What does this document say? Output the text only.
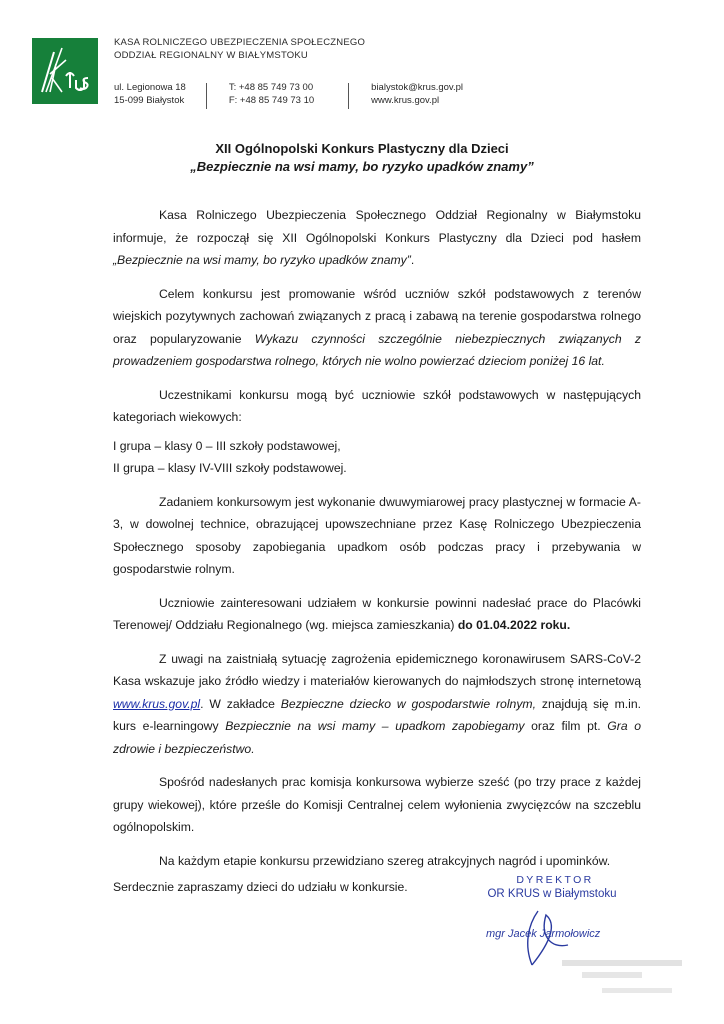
KASA ROLNICZEGO UBEZPIECZENIA SPOŁECZNEGO
ODDZIAŁ REGIONALNY W BIAŁYMSTOKU
ul. Legionowa 18
15-099 Białystok
T: +48 85 749 73 00
F: +48 85 749 73 10
bialystok@krus.gov.pl
www.krus.gov.pl
XII Ogólnopolski Konkurs Plastyczny dla Dzieci
„Bezpiecznie na wsi mamy, bo ryzyko upadków znamy”

Kasa Rolniczego Ubezpieczenia Społecznego Oddział Regionalny w Białymstoku informuje, że rozpoczął się XII Ogólnopolski Konkurs Plastyczny dla Dzieci pod hasłem „Bezpiecznie na wsi mamy, bo ryzyko upadków znamy”.

Celem konkursu jest promowanie wśród uczniów szkół podstawowych z terenów wiejskich pozytywnych zachowań związanych z pracą i zabawą na terenie gospodarstwa rolnego oraz popularyzowanie Wykazu czynności szczególnie niebezpiecznych związanych z prowadzeniem gospodarstwa rolnego, których nie wolno powierzać dzieciom poniżej 16 lat.

Uczestnikami konkursu mogą być uczniowie szkół podstawowych w następujących kategoriach wiekowych:

I grupa – klasy 0 – III szkoły podstawowej,

II grupa – klasy IV-VIII szkoły podstawowej.

Zadaniem konkursowym jest wykonanie dwuwymiarowej pracy plastycznej w formacie A-3, w dowolnej technice, obrazującej upowszechniane przez Kasę Rolniczego Ubezpieczenia Społecznego sposoby zapobiegania upadkom osób podczas pracy i przebywania w gospodarstwie rolnym.

Uczniowie zainteresowani udziałem w konkursie powinni nadesłać prace do Placówki Terenowej/ Oddziału Regionalnego (wg. miejsca zamieszkania) do 01.04.2022 roku.

Z uwagi na zaistniałą sytuację zagrożenia epidemicznego koronawirusem SARS-CoV-2 Kasa wskazuje jako źródło wiedzy i materiałów kierowanych do najmłodszych stronę internetową www.krus.gov.pl. W zakładce Bezpieczne dziecko w gospodarstwie rolnym, znajdują się m.in. kurs e-learningowy Bezpiecznie na wsi mamy – upadkom zapobiegamy oraz film pt. Gra o zdrowie i bezpieczeństwo.

Spośród nadesłanych prac komisja konkursowa wybierze sześć (po trzy prace z każdej grupy wiekowej), które prześle do Komisji Centralnej celem wyłonienia zwycięzców na szczeblu ogólnopolskim.

Na każdym etapie konkursu przewidziano szereg atrakcyjnych nagród i upominków.

Serdecznie zapraszamy dzieci do udziału w konkursie.	DYREKTOR
OR KRUS w Białymstoku
mgr Jacek Jarmołowicz
